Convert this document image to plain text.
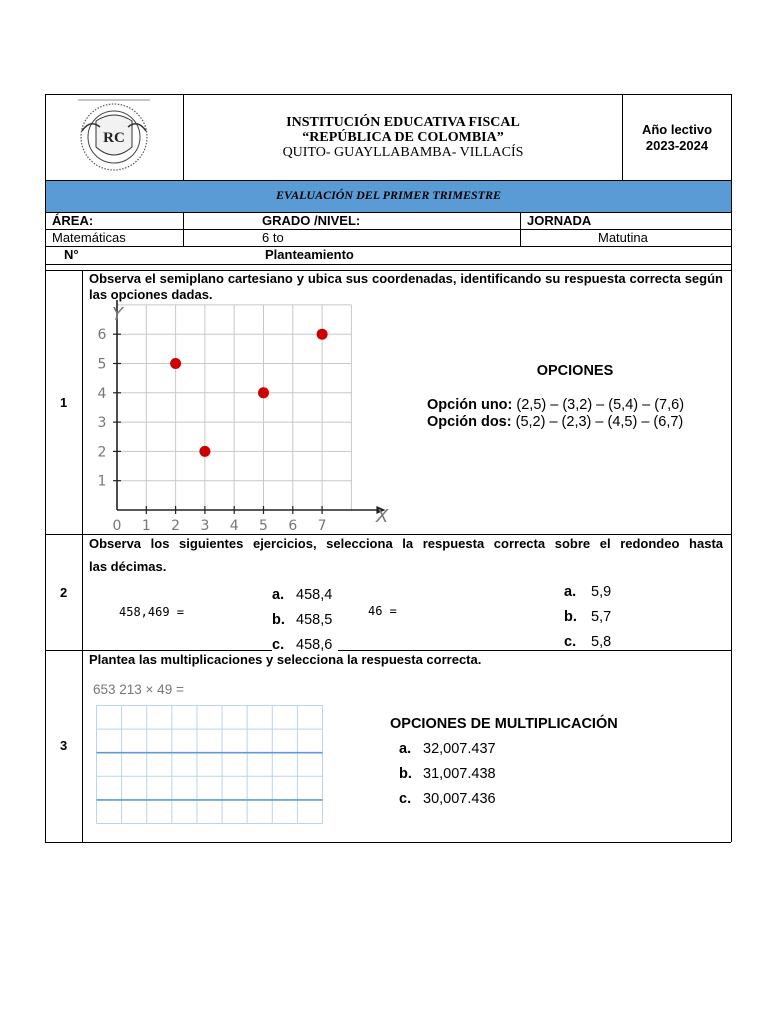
RC
INSTITUCIÓN EDUCATIVA FISCAL
“REPÚBLICA DE COLOMBIA”
QUITO- GUAYLLABAMBA- VILLACÍS
Año lectivo
2023-2024
EVALUACIÓN DEL PRIMER TRIMESTRE
ÁREA:	GRADO /NIVEL:	JORNADA
Matemáticas	6 to	Matutina
N°	Planteamiento
1
Observa el semiplano cartesiano y ubica sus coordenadas, identificando su respuesta correcta según las opciones dadas.
0 1 2 3 4 5 6 7
1
2
3
4
5
6
X
Y
OPCIONES
Opción uno: (2,5) – (3,2) – (5,4) – (7,6)
Opción dos: (5,2) – (2,3) – (4,5) – (6,7)
2
Observa los siguientes ejercicios, selecciona la respuesta correcta sobre el redondeo hasta
las décimas.
458,469 =	46 =
a. 458,4
b. 458,5
c. 458,6
a. 5,9
b. 5,7
c. 5,8
3
Plantea las multiplicaciones y selecciona la respuesta correcta.
653 213 × 49 =
OPCIONES DE MULTIPLICACIÓN
a. 32,007.437
b. 31,007.438
c. 30,007.436
